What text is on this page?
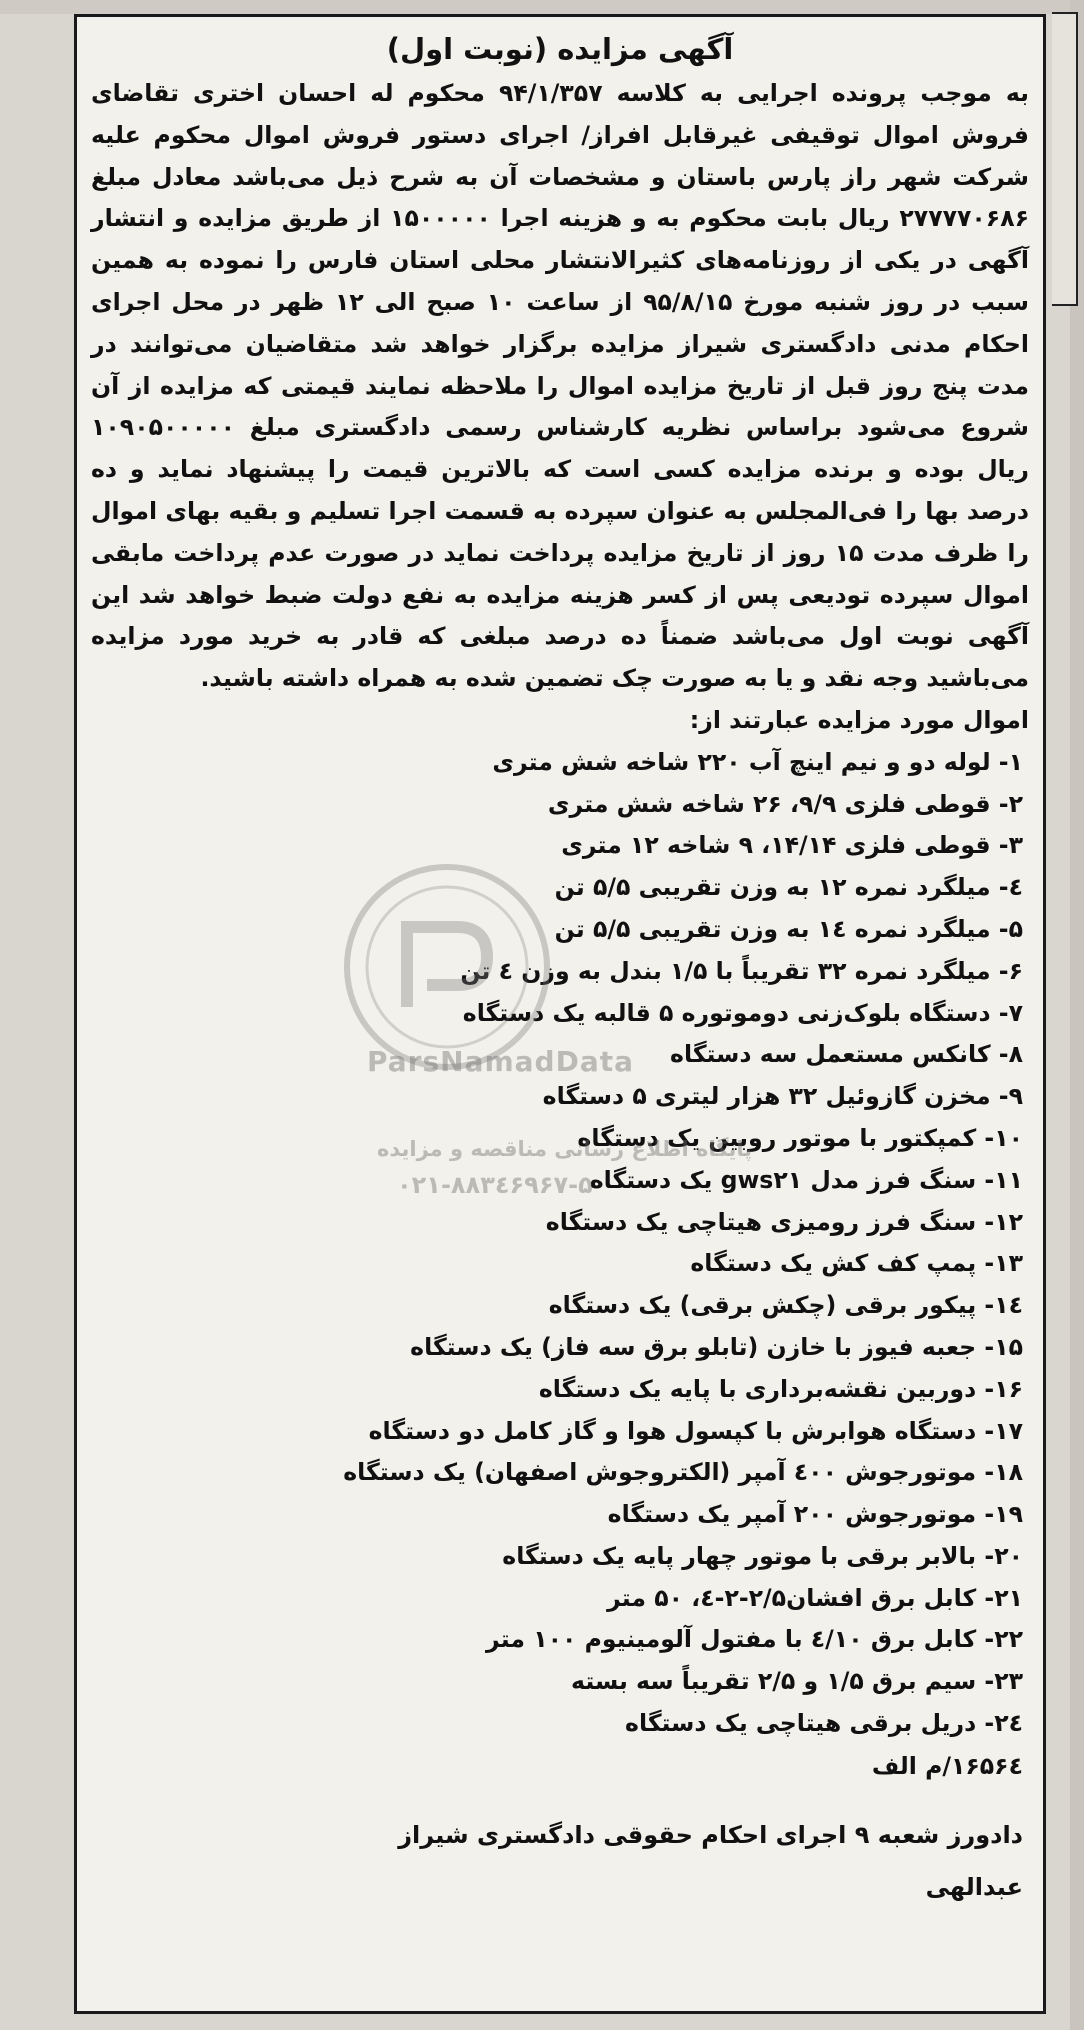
آگهی مزایده (نوبت اول)

به موجب پرونده اجرایی به کلاسه ۹۴/۱/۳۵۷ محکوم له احسان اختری تقاضای فروش اموال توقیفی غیرقابل افراز/ اجرای دستور فروش اموال محکوم علیه شرکت شهر راز پارس باستان و مشخصات آن به شرح ذیل می‌باشد معادل مبلغ ۲۷۷۷۷۰۶۸۶ ریال بابت محکوم به و هزینه اجرا ۱۵۰۰۰۰۰ از طریق مزایده و انتشار آگهی در یکی از روزنامه‌های کثیرالانتشار محلی استان فارس را نموده به همین سبب در روز شنبه مورخ ۹۵/۸/۱۵ از ساعت ۱۰ صبح الی ۱۲ ظهر در محل اجرای احکام مدنی دادگستری شیراز مزایده برگزار خواهد شد متقاضیان می‌توانند در مدت پنج روز قبل از تاریخ مزایده اموال را ملاحظه نمایند قیمتی که مزایده از آن شروع می‌شود براساس نظریه کارشناس رسمی دادگستری مبلغ ۱۰۹۰۵۰۰۰۰۰ ریال بوده و برنده مزایده کسی است که بالاترین قیمت را پیشنهاد نماید و ده درصد بها را فی‌المجلس به عنوان سپرده به قسمت اجرا تسلیم و بقیه بهای اموال را ظرف مدت ۱۵ روز از تاریخ مزایده پرداخت نماید در صورت عدم پرداخت مابقی اموال سپرده تودیعی پس از کسر هزینه مزایده به نفع دولت ضبط خواهد شد این آگهی نوبت اول می‌باشد ضمناً ده درصد مبلغی که قادر به خرید مورد مزایده می‌باشید وجه نقد و یا به صورت چک تضمین شده به همراه داشته باشید.

اموال مورد مزایده عبارتند از:

۱- لوله دو و نیم اینچ آب ۲۲۰ شاخه شش متری
۲- قوطی فلزی ۹/۹، ۲۶ شاخه شش متری
۳- قوطی فلزی ۱۴/۱۴، ۹ شاخه ۱۲ متری
٤- میلگرد نمره ۱۲ به وزن تقریبی ۵/۵ تن
۵- میلگرد نمره ۱٤ به وزن تقریبی ۵/۵ تن
۶- میلگرد نمره ۳۲ تقریباً با ۱/۵ بندل به وزن ٤ تن
۷- دستگاه بلوک‌زنی دوموتوره ۵ قالبه یک دستگاه
۸- کانکس مستعمل سه دستگاه
۹- مخزن گازوئیل ۳۲ هزار لیتری ۵ دستگاه
۱۰- کمپکتور با موتور روبین یک دستگاه
۱۱- سنگ فرز مدل gws۲۱ یک دستگاه
۱۲- سنگ فرز رومیزی هیتاچی یک دستگاه
۱۳- پمپ کف کش یک دستگاه
۱٤- پیکور برقی (چکش برقی) یک دستگاه
۱۵- جعبه فیوز با خازن (تابلو برق سه فاز) یک دستگاه
۱۶- دوربین نقشه‌برداری با پایه یک دستگاه
۱۷- دستگاه هوابرش با کپسول هوا و گاز کامل دو دستگاه
۱۸- موتورجوش ٤۰۰ آمپر (الکتروجوش اصفهان) یک دستگاه
۱۹- موتورجوش ۲۰۰ آمپر یک دستگاه
۲۰- بالابر برقی با موتور چهار پایه یک دستگاه
۲۱- کابل برق افشان۲/۵-۲-٤، ۵۰ متر
۲۲- کابل برق ٤/۱۰ با مفتول آلومینیوم ۱۰۰ متر
۲۳- سیم برق ۱/۵ و ۲/۵ تقریباً سه بسته
۲٤- دریل برقی هیتاچی یک دستگاه

۱۶۵۶٤/م الف

دادورز شعبه ۹ اجرای احکام حقوقی دادگستری شیراز

عبدالهی

ParsNamadData
پایگاه اطلاع رسانی مناقصه و مزایده
۰۲۱-۸۸۳٤۶۹۶۷-۵
